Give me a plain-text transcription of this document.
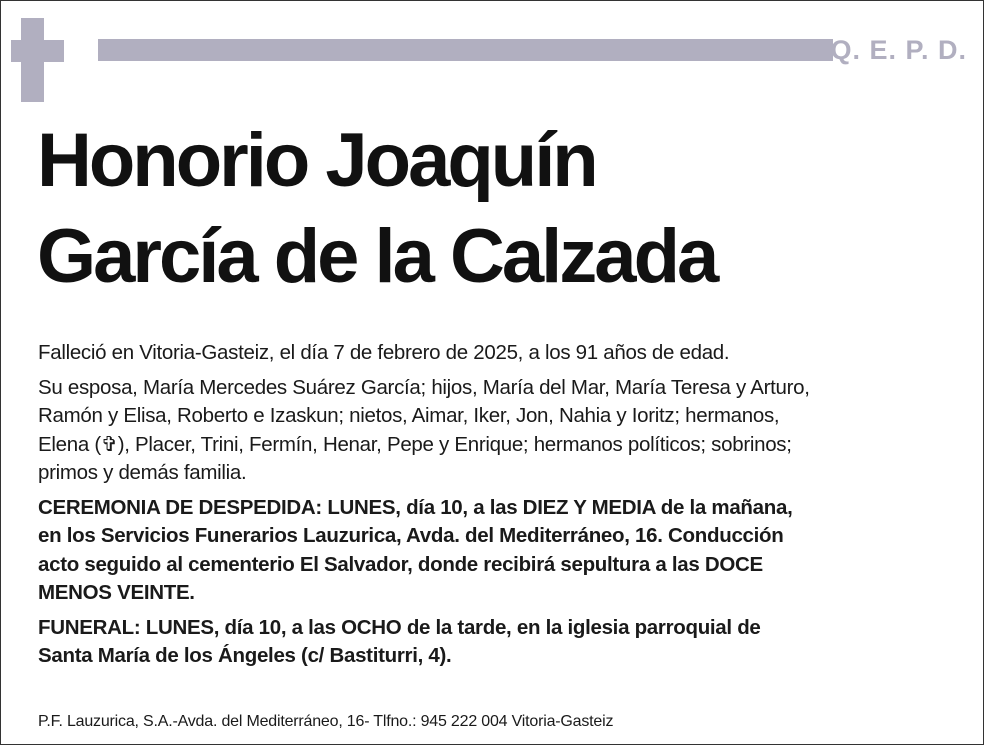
Q. E. P. D.
Honorio Joaquín
García de la Calzada
Falleció en Vitoria-Gasteiz, el día 7 de febrero de 2025, a los 91 años de edad.
Su esposa, María Mercedes Suárez García; hijos, María del Mar, María Teresa y Arturo,
Ramón y Elisa, Roberto e Izaskun; nietos, Aimar, Iker, Jon, Nahia y Ioritz; hermanos,
Elena (✞), Placer, Trini, Fermín, Henar, Pepe y Enrique; hermanos políticos; sobrinos;
primos y demás familia.
CEREMONIA DE DESPEDIDA: LUNES, día 10, a las DIEZ Y MEDIA de la mañana,
en los Servicios Funerarios Lauzurica, Avda. del Mediterráneo, 16. Conducción
acto seguido al cementerio El Salvador, donde recibirá sepultura a las DOCE
MENOS VEINTE.
FUNERAL: LUNES, día 10, a las OCHO de la tarde, en la iglesia parroquial de
Santa María de los Ángeles (c/ Bastiturri, 4).
P.F. Lauzurica, S.A.-Avda. del Mediterráneo, 16- Tlfno.: 945 222 004 Vitoria-Gasteiz
